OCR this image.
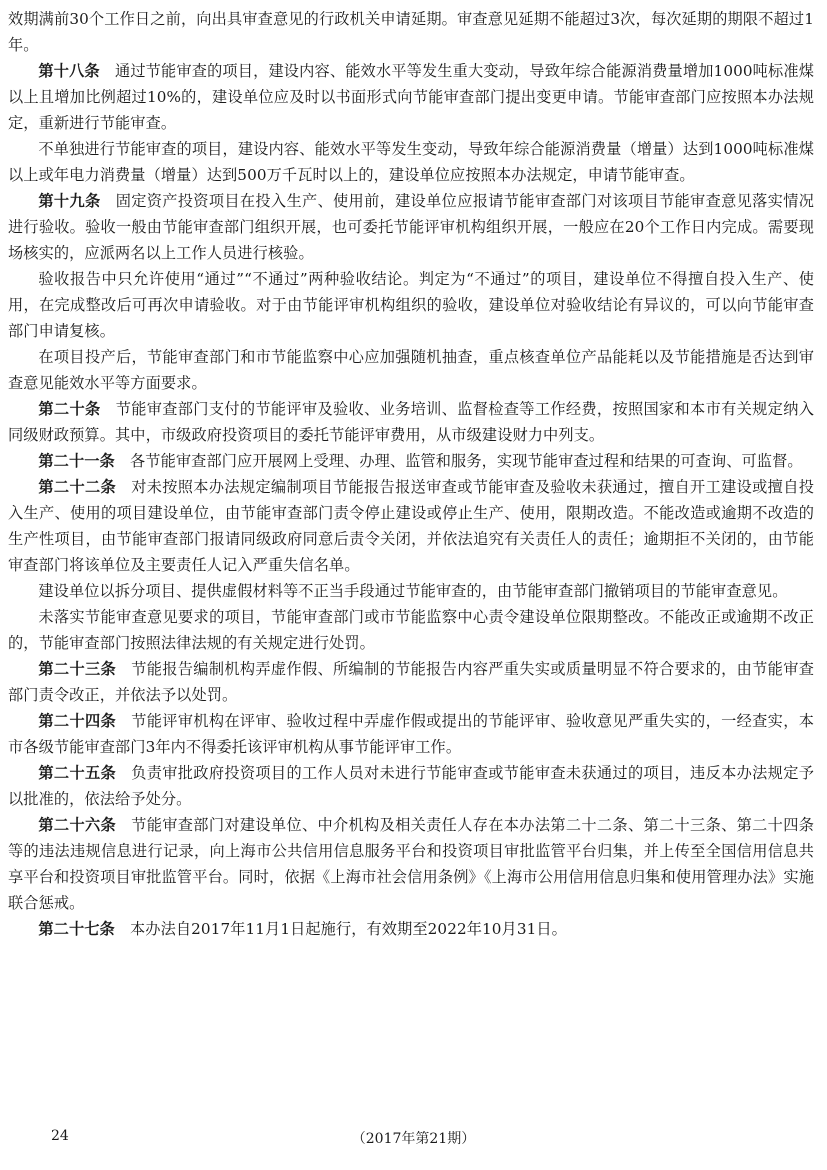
效期满前30个工作日之前，向出具审查意见的行政机关申请延期。审查意见延期不能超过3次，每次延期的期限不超过1年。

第十八条 通过节能审查的项目，建设内容、能效水平等发生重大变动，导致年综合能源消费量增加1000吨标准煤以上且增加比例超过10%的，建设单位应及时以书面形式向节能审查部门提出变更申请。节能审查部门应按照本办法规定，重新进行节能审查。

不单独进行节能审查的项目，建设内容、能效水平等发生变动，导致年综合能源消费量（增量）达到1000吨标准煤以上或年电力消费量（增量）达到500万千瓦时以上的，建设单位应按照本办法规定，申请节能审查。

第十九条 固定资产投资项目在投入生产、使用前，建设单位应报请节能审查部门对该项目节能审查意见落实情况进行验收。验收一般由节能审查部门组织开展，也可委托节能评审机构组织开展，一般应在20个工作日内完成。需要现场核实的，应派两名以上工作人员进行核验。

验收报告中只允许使用“通过”“不通过”两种验收结论。判定为“不通过”的项目，建设单位不得擅自投入生产、使用，在完成整改后可再次申请验收。对于由节能评审机构组织的验收，建设单位对验收结论有异议的，可以向节能审查部门申请复核。

在项目投产后，节能审查部门和市节能监察中心应加强随机抽查，重点核查单位产品能耗以及节能措施是否达到审查意见能效水平等方面要求。

第二十条 节能审查部门支付的节能评审及验收、业务培训、监督检查等工作经费，按照国家和本市有关规定纳入同级财政预算。其中，市级政府投资项目的委托节能评审费用，从市级建设财力中列支。

第二十一条 各节能审查部门应开展网上受理、办理、监管和服务，实现节能审查过程和结果的可查询、可监督。

第二十二条 对未按照本办法规定编制项目节能报告报送审查或节能审查及验收未获通过，擅自开工建设或擅自投入生产、使用的项目建设单位，由节能审查部门责令停止建设或停止生产、使用，限期改造。不能改造或逾期不改造的生产性项目，由节能审查部门报请同级政府同意后责令关闭，并依法追究有关责任人的责任；逾期拒不关闭的，由节能审查部门将该单位及主要责任人记入严重失信名单。

建设单位以拆分项目、提供虚假材料等不正当手段通过节能审查的，由节能审查部门撤销项目的节能审查意见。

未落实节能审查意见要求的项目，节能审查部门或市节能监察中心责令建设单位限期整改。不能改正或逾期不改正的，节能审查部门按照法律法规的有关规定进行处罚。

第二十三条 节能报告编制机构弄虚作假、所编制的节能报告内容严重失实或质量明显不符合要求的，由节能审查部门责令改正，并依法予以处罚。

第二十四条 节能评审机构在评审、验收过程中弄虚作假或提出的节能评审、验收意见严重失实的，一经查实，本市各级节能审查部门3年内不得委托该评审机构从事节能评审工作。

第二十五条 负责审批政府投资项目的工作人员对未进行节能审查或节能审查未获通过的项目，违反本办法规定予以批准的，依法给予处分。

第二十六条 节能审查部门对建设单位、中介机构及相关责任人存在本办法第二十二条、第二十三条、第二十四条等的违法违规信息进行记录，向上海市公共信用信息服务平台和投资项目审批监管平台归集，并上传至全国信用信息共享平台和投资项目审批监管平台。同时，依据《上海市社会信用条例》《上海市公用信用信息归集和使用管理办法》实施联合惩戒。

第二十七条 本办法自2017年11月1日起施行，有效期至2022年10月31日。

24	（2017年第21期）
